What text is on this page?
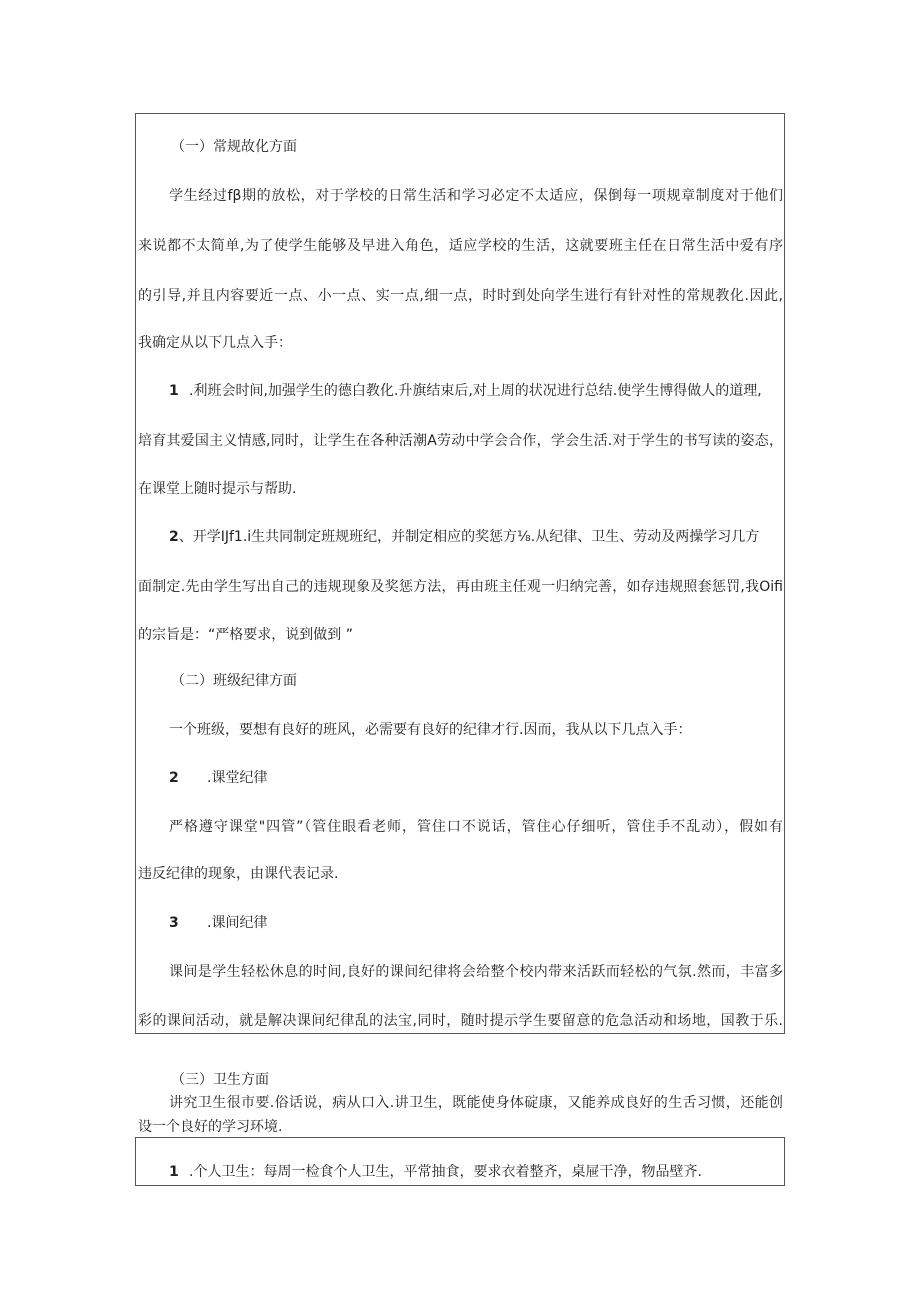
（一）常规故化方面
学生经过fβ期的放松，对于学校的日常生活和学习必定不太适应，保倒每一项规章制度对于他们
来说都不太简单,为了使学生能够及早进入角色，适应学校的生活，这就要班主任在日常生活中爱有序
的引导,并且内容要近一点、小一点、实一点,细一点，时时到处向学生进行有针对性的常规教化.因此,
我确定从以下几点入手：
1 .利班会时间,加强学生的德白教化.升旗结束后,对上周的状况进行总结.使学生博得做人的道理,
培育其爱国主义情感,同时，让学生在各种活潮A劳动中学会合作，学会生活.对于学生的书写读的姿态，
在课堂上随时提示与帮助.
2、开学IJf1.i生共同制定班规班纪，并制定相应的奖惩方⅛.从纪律、卫生、劳动及两操学习几方
面制定.先由学生写出自己的违规现象及奖惩方法，再由班主任观一归纳完善，如存违规照套惩罚,我Oifi
的宗旨是：“严格要求，说到做到 ”
（二）班级纪律方面
一个班级，要想有良好的班风，必需要有良好的纪律才行.因而，我从以下几点入手：
2 .课堂纪律
严格遵守课堂"四管”（管住眼看老师，管住口不说话，管住心仔细听，管住手不乱动），假如有
违反纪律的现象，由课代表记录.
3 .课间纪律
课间是学生轻松休息的时间,良好的课间纪律将会给整个校内带来活跃而轻松的气氛.然而，丰富多
彩的课间活动，就是解决课间纪律乱的法宝,同时，随时提示学生要留意的危急活动和场地，国教于乐.
（三）卫生方面
讲究卫生很市要.俗话说，病从口入.讲卫生，既能使身体碇康，又能养成良好的生舌习惯，还能创
设一个良好的学习环境.
1 .个人卫生：每周一检食个人卫生，平常抽食，要求衣着整齐，桌屉干净，物品壁齐.
